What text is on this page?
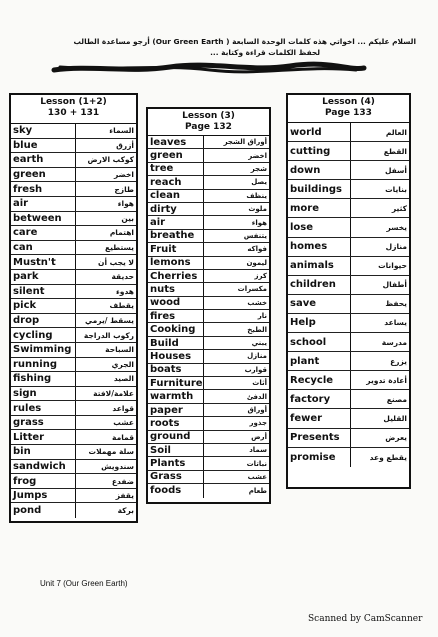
السلام عليكم ... اخواتي هذه كلمات الوحدة السابعة ( Our Green Earth) أرجو مساعدة الطالب
لحفظ الكلمات قراءة وكتابة ...
Lesson (1+2)
130 + 131
sky	السماء
blue	أزرق
earth	كوكب الارض
green	اخضر
fresh	طازج
air	هواء
between	بين
care	اهتمام
can	يستطيع
Mustn't	لا يجب أن
park	حديقة
silent	هدوء
pick	يقطف
drop	يسقط /يرمي
cycling	ركوب الدراجة
Swimming	السباحة
running	الجري
fishing	الصيد
sign	علامة/لافتة
rules	قواعد
grass	عشب
Litter	قمامة
bin	سلة مهملات
sandwich	سندويش
frog	ضفدع
Jumps	يقفز
pond	بركة
Lesson (3)
Page 132
leaves	أوراق الشجر
green	اخضر
tree	شجر
reach	يصل
clean	ينظف
dirty	ملوث
air	هواء
breathe	يتنفس
Fruit	فواكه
lemons	ليمون
Cherries	كرز
nuts	مكسرات
wood	خشب
fires	نار
Cooking	الطبخ
Build	يبني
Houses	منازل
boats	قوارب
Furniture	أثاث
warmth	الدفئ
paper	أوراق
roots	جذور
ground	أرض
Soil	سماد
Plants	نباتات
Grass	عشب
foods	طعام
Lesson (4)
Page 133
world	العالم
cutting	القطع
down	أسفل
buildings	بنايات
more	كثير
lose	يخسر
homes	منازل
animals	حيوانات
children	أطفال
save	يحفظ
Help	يساعد
school	مدرسة
plant	يزرع
Recycle	أعادة تدوير
factory	مصنع
fewer	القليل
Presents	يعرض
promise	يقطع وعد
Unit 7 (Our Green Earth)
Scanned by CamScanner
